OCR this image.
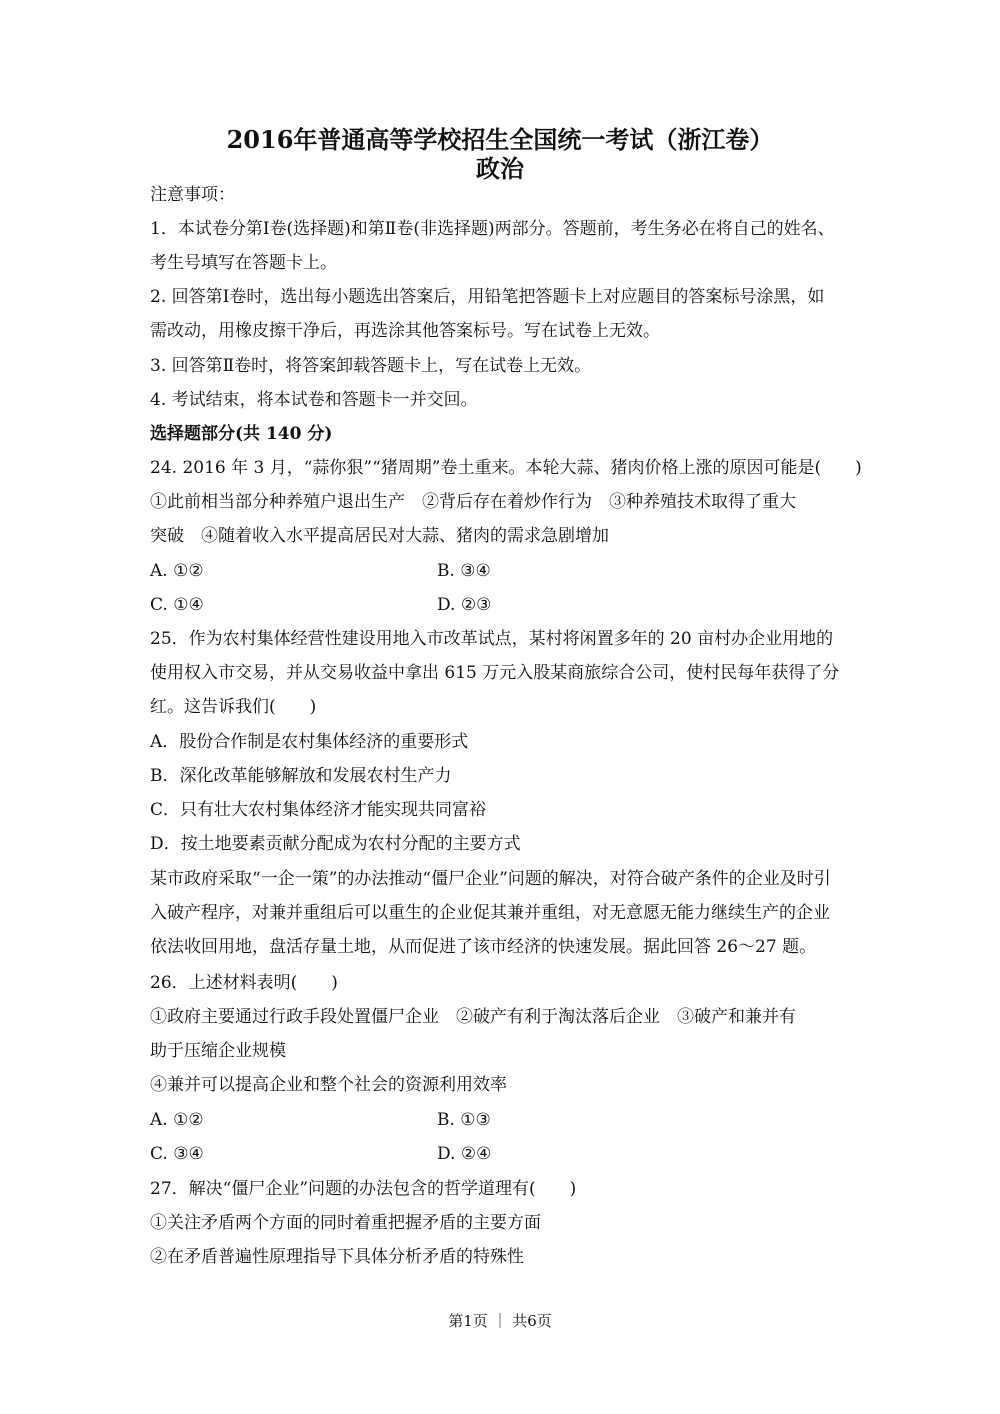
2016年普通高等学校招生全国统一考试（浙江卷）
政治
注意事项：
1．本试卷分第Ⅰ卷(选择题)和第Ⅱ卷(非选择题)两部分。答题前，考生务必在将自己的姓名、
考生号填写在答题卡上。
2. 回答第Ⅰ卷时，选出每小题选出答案后，用铅笔把答题卡上对应题目的答案标号涂黑，如
需改动，用橡皮擦干净后，再选涂其他答案标号。写在试卷上无效。
3. 回答第Ⅱ卷时，将答案卸载答题卡上，写在试卷上无效。
4. 考试结束，将本试卷和答题卡一并交回。
选择题部分(共 140 分)
24. 2016 年 3 月，“蒜你狠”“猪周期”卷土重来。本轮大蒜、猪肉价格上涨的原因可能是(　　)
①此前相当部分种养殖户退出生产　②背后存在着炒作行为　③种养殖技术取得了重大
突破　④随着收入水平提高居民对大蒜、猪肉的需求急剧增加
A. ①②	B. ③④
C. ①④	D. ②③
25．作为农村集体经营性建设用地入市改革试点，某村将闲置多年的 20 亩村办企业用地的
使用权入市交易，并从交易收益中拿出 615 万元入股某商旅综合公司，使村民每年获得了分
红。这告诉我们(　　)
A．股份合作制是农村集体经济的重要形式
B．深化改革能够解放和发展农村生产力
C．只有壮大农村集体经济才能实现共同富裕
D．按土地要素贡献分配成为农村分配的主要方式
某市政府采取“一企一策”的办法推动“僵尸企业”问题的解决，对符合破产条件的企业及时引
入破产程序，对兼并重组后可以重生的企业促其兼并重组，对无意愿无能力继续生产的企业
依法收回用地，盘活存量土地，从而促进了该市经济的快速发展。据此回答 26～27 题。
26．上述材料表明(　　)
①政府主要通过行政手段处置僵尸企业　②破产有利于淘汰落后企业　③破产和兼并有
助于压缩企业规模
④兼并可以提高企业和整个社会的资源利用效率
A. ①②	B. ①③
C. ③④	D. ②④
27．解决“僵尸企业”问题的办法包含的哲学道理有(　　)
①关注矛盾两个方面的同时着重把握矛盾的主要方面
②在矛盾普遍性原理指导下具体分析矛盾的特殊性
第1页 ｜ 共6页
